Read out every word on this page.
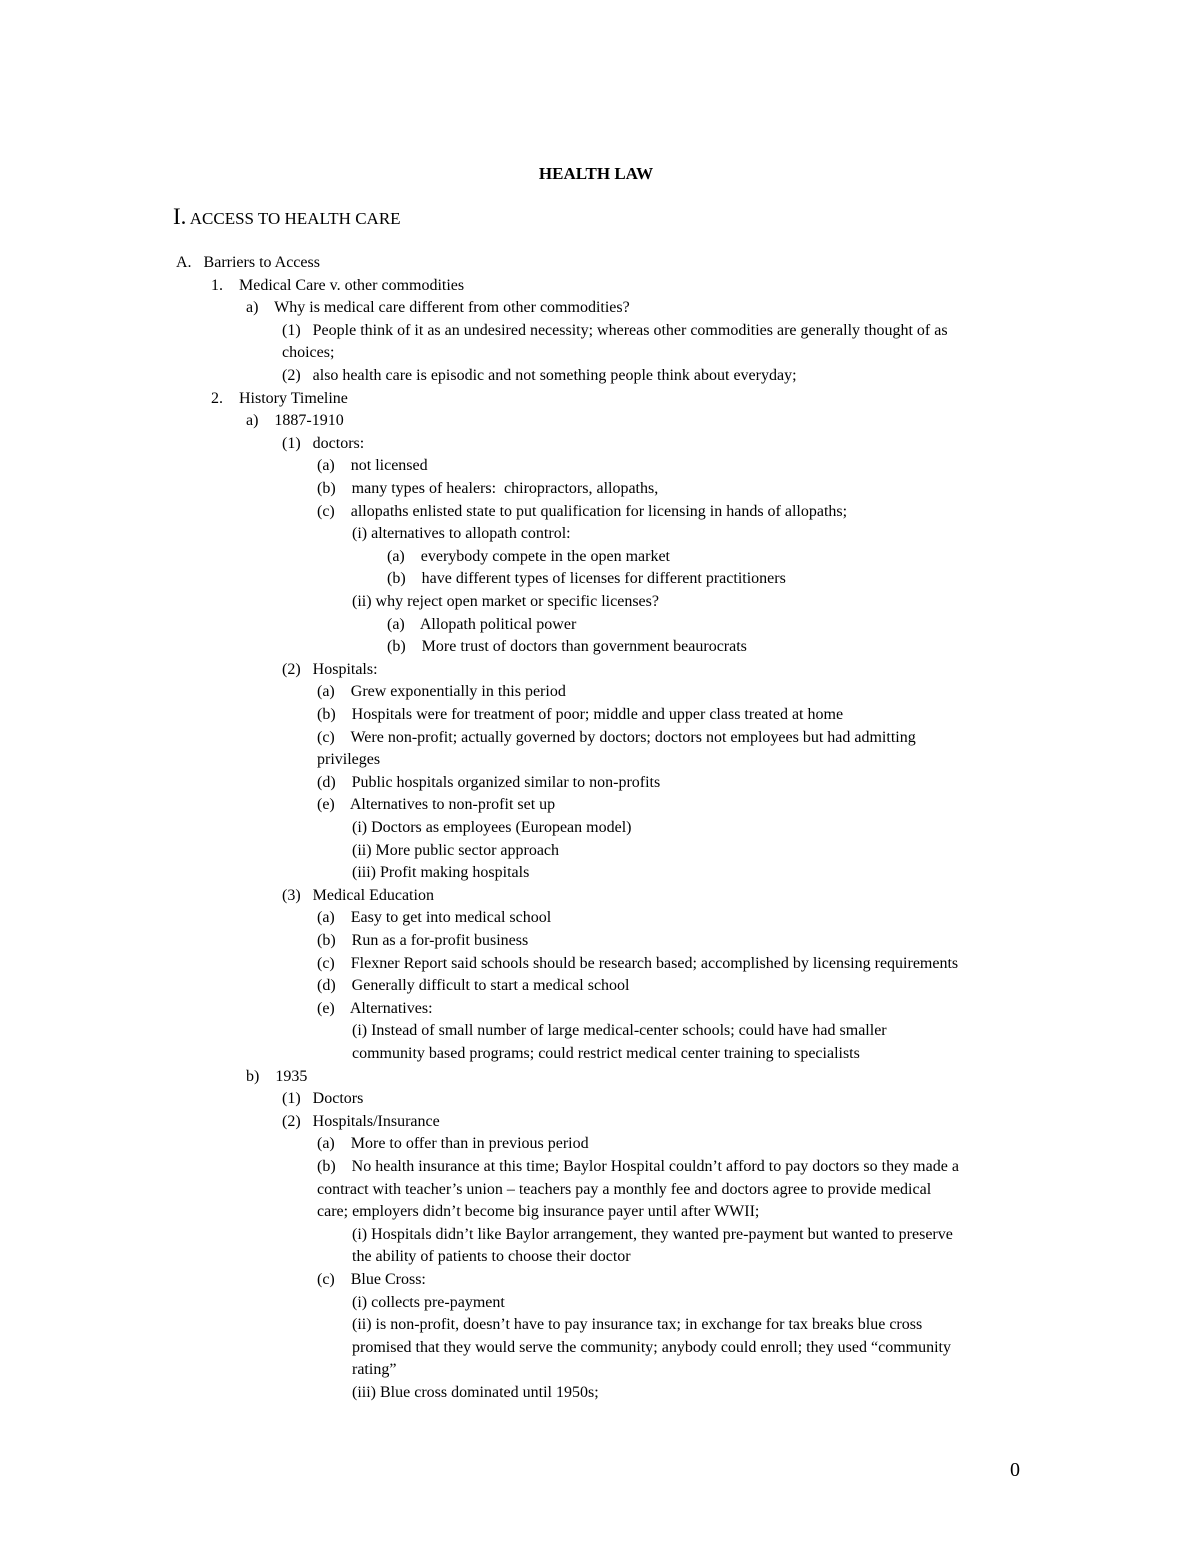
HEALTH LAW
I. ACCESS TO HEALTH CARE
A.   Barriers to Access
1.    Medical Care v. other commodities
a)    Why is medical care different from other commodities?
(1)   People think of it as an undesired necessity; whereas other commodities are generally thought of as
choices;
(2)   also health care is episodic and not something people think about everyday;
2.    History Timeline
a)    1887-1910
(1)   doctors:
(a)    not licensed
(b)    many types of healers:  chiropractors, allopaths,
(c)    allopaths enlisted state to put qualification for licensing in hands of allopaths;
(i) alternatives to allopath control:
(a)    everybody compete in the open market
(b)    have different types of licenses for different practitioners
(ii) why reject open market or specific licenses?
(a)    Allopath political power
(b)    More trust of doctors than government beaurocrats
(2)   Hospitals:
(a)    Grew exponentially in this period
(b)    Hospitals were for treatment of poor; middle and upper class treated at home
(c)    Were non-profit; actually governed by doctors; doctors not employees but had admitting
privileges
(d)    Public hospitals organized similar to non-profits
(e)    Alternatives to non-profit set up
(i) Doctors as employees (European model)
(ii) More public sector approach
(iii) Profit making hospitals
(3)   Medical Education
(a)    Easy to get into medical school
(b)    Run as a for-profit business
(c)    Flexner Report said schools should be research based; accomplished by licensing requirements
(d)    Generally difficult to start a medical school
(e)    Alternatives:
(i) Instead of small number of large medical-center schools; could have had smaller
community based programs; could restrict medical center training to specialists
b)    1935
(1)   Doctors
(2)   Hospitals/Insurance
(a)    More to offer than in previous period
(b)    No health insurance at this time; Baylor Hospital couldn’t afford to pay doctors so they made a
contract with teacher’s union – teachers pay a monthly fee and doctors agree to provide medical
care; employers didn’t become big insurance payer until after WWII;
(i) Hospitals didn’t like Baylor arrangement, they wanted pre-payment but wanted to preserve
the ability of patients to choose their doctor
(c)    Blue Cross:
(i) collects pre-payment
(ii) is non-profit, doesn’t have to pay insurance tax; in exchange for tax breaks blue cross
promised that they would serve the community; anybody could enroll; they used “community
rating”
(iii) Blue cross dominated until 1950s;
0
